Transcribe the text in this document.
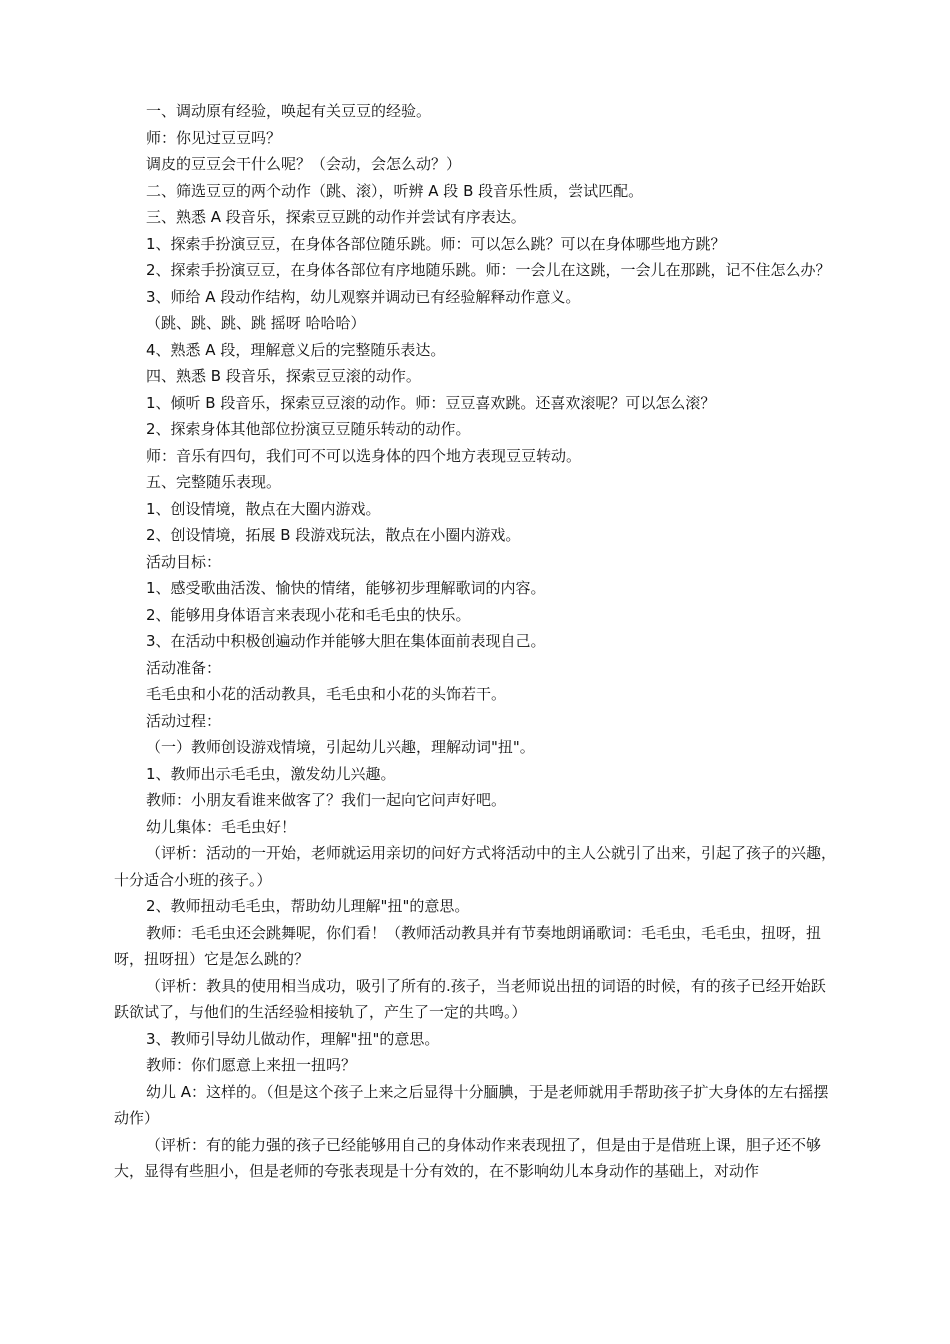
一、调动原有经验，唤起有关豆豆的经验。

师：你见过豆豆吗？

调皮的豆豆会干什么呢？（会动，会怎么动？）

二、筛选豆豆的两个动作（跳、滚），听辨 A 段 B 段音乐性质，尝试匹配。

三、熟悉 A 段音乐，探索豆豆跳的动作并尝试有序表达。

1、探索手扮演豆豆，在身体各部位随乐跳。师：可以怎么跳？可以在身体哪些地方跳？

2、探索手扮演豆豆，在身体各部位有序地随乐跳。师：一会儿在这跳，一会儿在那跳，记不住怎么办？

3、师给 A 段动作结构，幼儿观察并调动已有经验解释动作意义。

（跳、跳、跳、跳 摇呀 哈哈哈）

4、熟悉 A 段，理解意义后的完整随乐表达。

四、熟悉 B 段音乐，探索豆豆滚的动作。

1、倾听 B 段音乐，探索豆豆滚的动作。师：豆豆喜欢跳。还喜欢滚呢？可以怎么滚？

2、探索身体其他部位扮演豆豆随乐转动的动作。

师：音乐有四句，我们可不可以选身体的四个地方表现豆豆转动。

五、完整随乐表现。

1、创设情境，散点在大圈内游戏。

2、创设情境，拓展 B 段游戏玩法，散点在小圈内游戏。

活动目标：

1、感受歌曲活泼、愉快的情绪，能够初步理解歌词的内容。

2、能够用身体语言来表现小花和毛毛虫的快乐。

3、在活动中积极创遍动作并能够大胆在集体面前表现自己。

活动准备：

毛毛虫和小花的活动教具，毛毛虫和小花的头饰若干。

活动过程：

（一）教师创设游戏情境，引起幼儿兴趣，理解动词"扭"。

1、教师出示毛毛虫，激发幼儿兴趣。

教师：小朋友看谁来做客了？我们一起向它问声好吧。

幼儿集体：毛毛虫好！

（评析：活动的一开始，老师就运用亲切的问好方式将活动中的主人公就引了出来，引起了孩子的兴趣，十分适合小班的孩子。）

2、教师扭动毛毛虫，帮助幼儿理解"扭"的意思。

教师：毛毛虫还会跳舞呢，你们看！（教师活动教具并有节奏地朗诵歌词：毛毛虫，毛毛虫，扭呀，扭呀，扭呀扭）它是怎么跳的？

（评析：教具的使用相当成功，吸引了所有的.孩子，当老师说出扭的词语的时候，有的孩子已经开始跃跃欲试了，与他们的生活经验相接轨了，产生了一定的共鸣。）

3、教师引导幼儿做动作，理解"扭"的意思。

教师：你们愿意上来扭一扭吗？

幼儿 A：这样的。（但是这个孩子上来之后显得十分腼腆，于是老师就用手帮助孩子扩大身体的左右摇摆动作）

（评析：有的能力强的孩子已经能够用自己的身体动作来表现扭了，但是由于是借班上课，胆子还不够大，显得有些胆小，但是老师的夸张表现是十分有效的，在不影响幼儿本身动作的基础上，对动作
